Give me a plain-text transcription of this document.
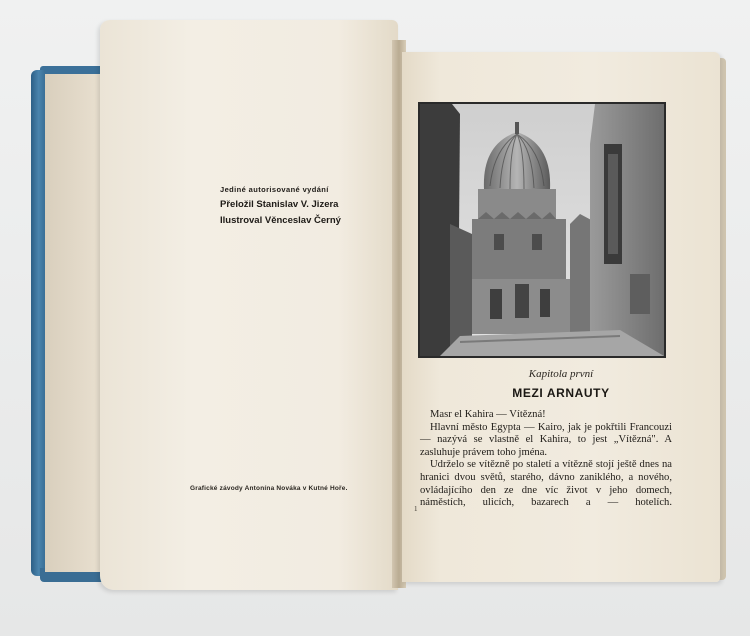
Jediné autorisované vydání
Přeložil Stanislav V. Jizera
Ilustroval Věnceslav Černý
Grafické závody Antonína Nováka v Kutné Hoře.
Kapitola první
MEZI ARNAUTY

Masr el Kahira — Vítězná!

Hlavní město Egypta — Kairo, jak je pokřtili Francouzi — nazývá se vlastně el Kahira, to jest „Vítězná". A zasluhuje právem toho jména.

Udrželo se vítězně po staletí a vítězně stojí ještě dnes na hranici dvou světů, starého, dávno zaniklého, a nového, ovládajícího den ze dne víc život v jeho domech, náměstích, ulicích, bazarech a — hotelích.

1
